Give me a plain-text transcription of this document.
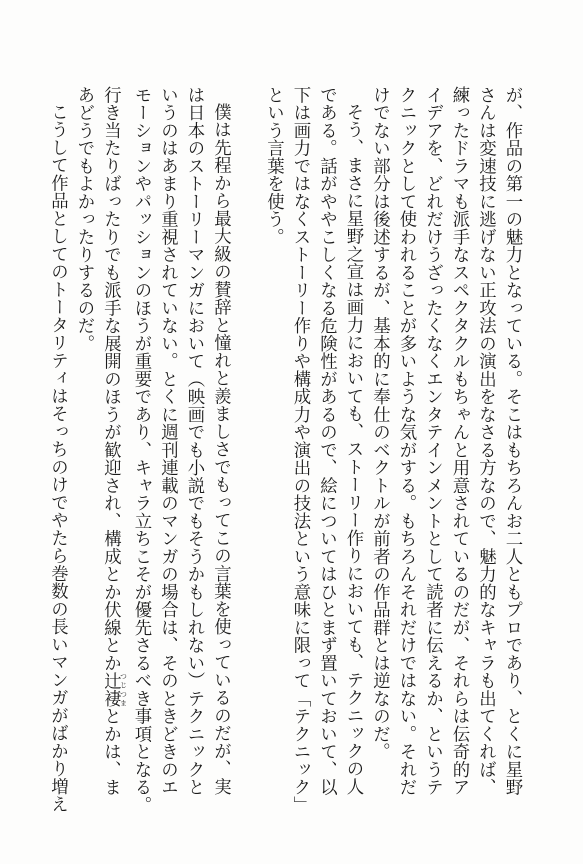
が、作品の第一の魅力となっている。そこはもちろんお二人ともプロであり、とくに星野
さんは変速技に逃げない正攻法の演出をなさる方なので、魅力的なキャラも出てくれば、
練ったドラマも派手なスペクタクルもちゃんと用意されているのだが、それらは伝奇的ア
イデアを、どれだけうざったくなくエンタテインメントとして読者に伝えるか、というテ
クニックとして使われることが多いような気がする。もちろんそれだけではない。それだ
けでない部分は後述するが、基本的に奉仕のベクトルが前者の作品群とは逆なのだ。
そう、まさに星野之宣は画力においても、ストーリー作りにおいても、テクニックの人
である。話がややこしくなる危険性があるので、絵についてはひとまず置いておいて、以
下は画力ではなくストーリー作りや構成力や演出の技法という意味に限って「テクニック」
という言葉を使う。
僕は先程から最大級の賛辞と憧れと羨ましさでもってこの言葉を使っているのだが、実
は日本のストーリーマンガにおいて（映画でも小説でもそうかもしれない）テクニックと
いうのはあまり重視されていない。とくに週刊連載のマンガの場合は、そのときどきのエ
モーションやパッションのほうが重要であり、キャラ立ちこそが優先さるべき事項となる。
行き当たりばったりでも派手な展開のほうが歓迎され、構成とか伏線とか辻褄 つじつまとかは、ま
あどうでもよかったりするのだ。
こうして作品としてのトータリティはそっちのけでやたら巻数の長いマンガがばかり増え
